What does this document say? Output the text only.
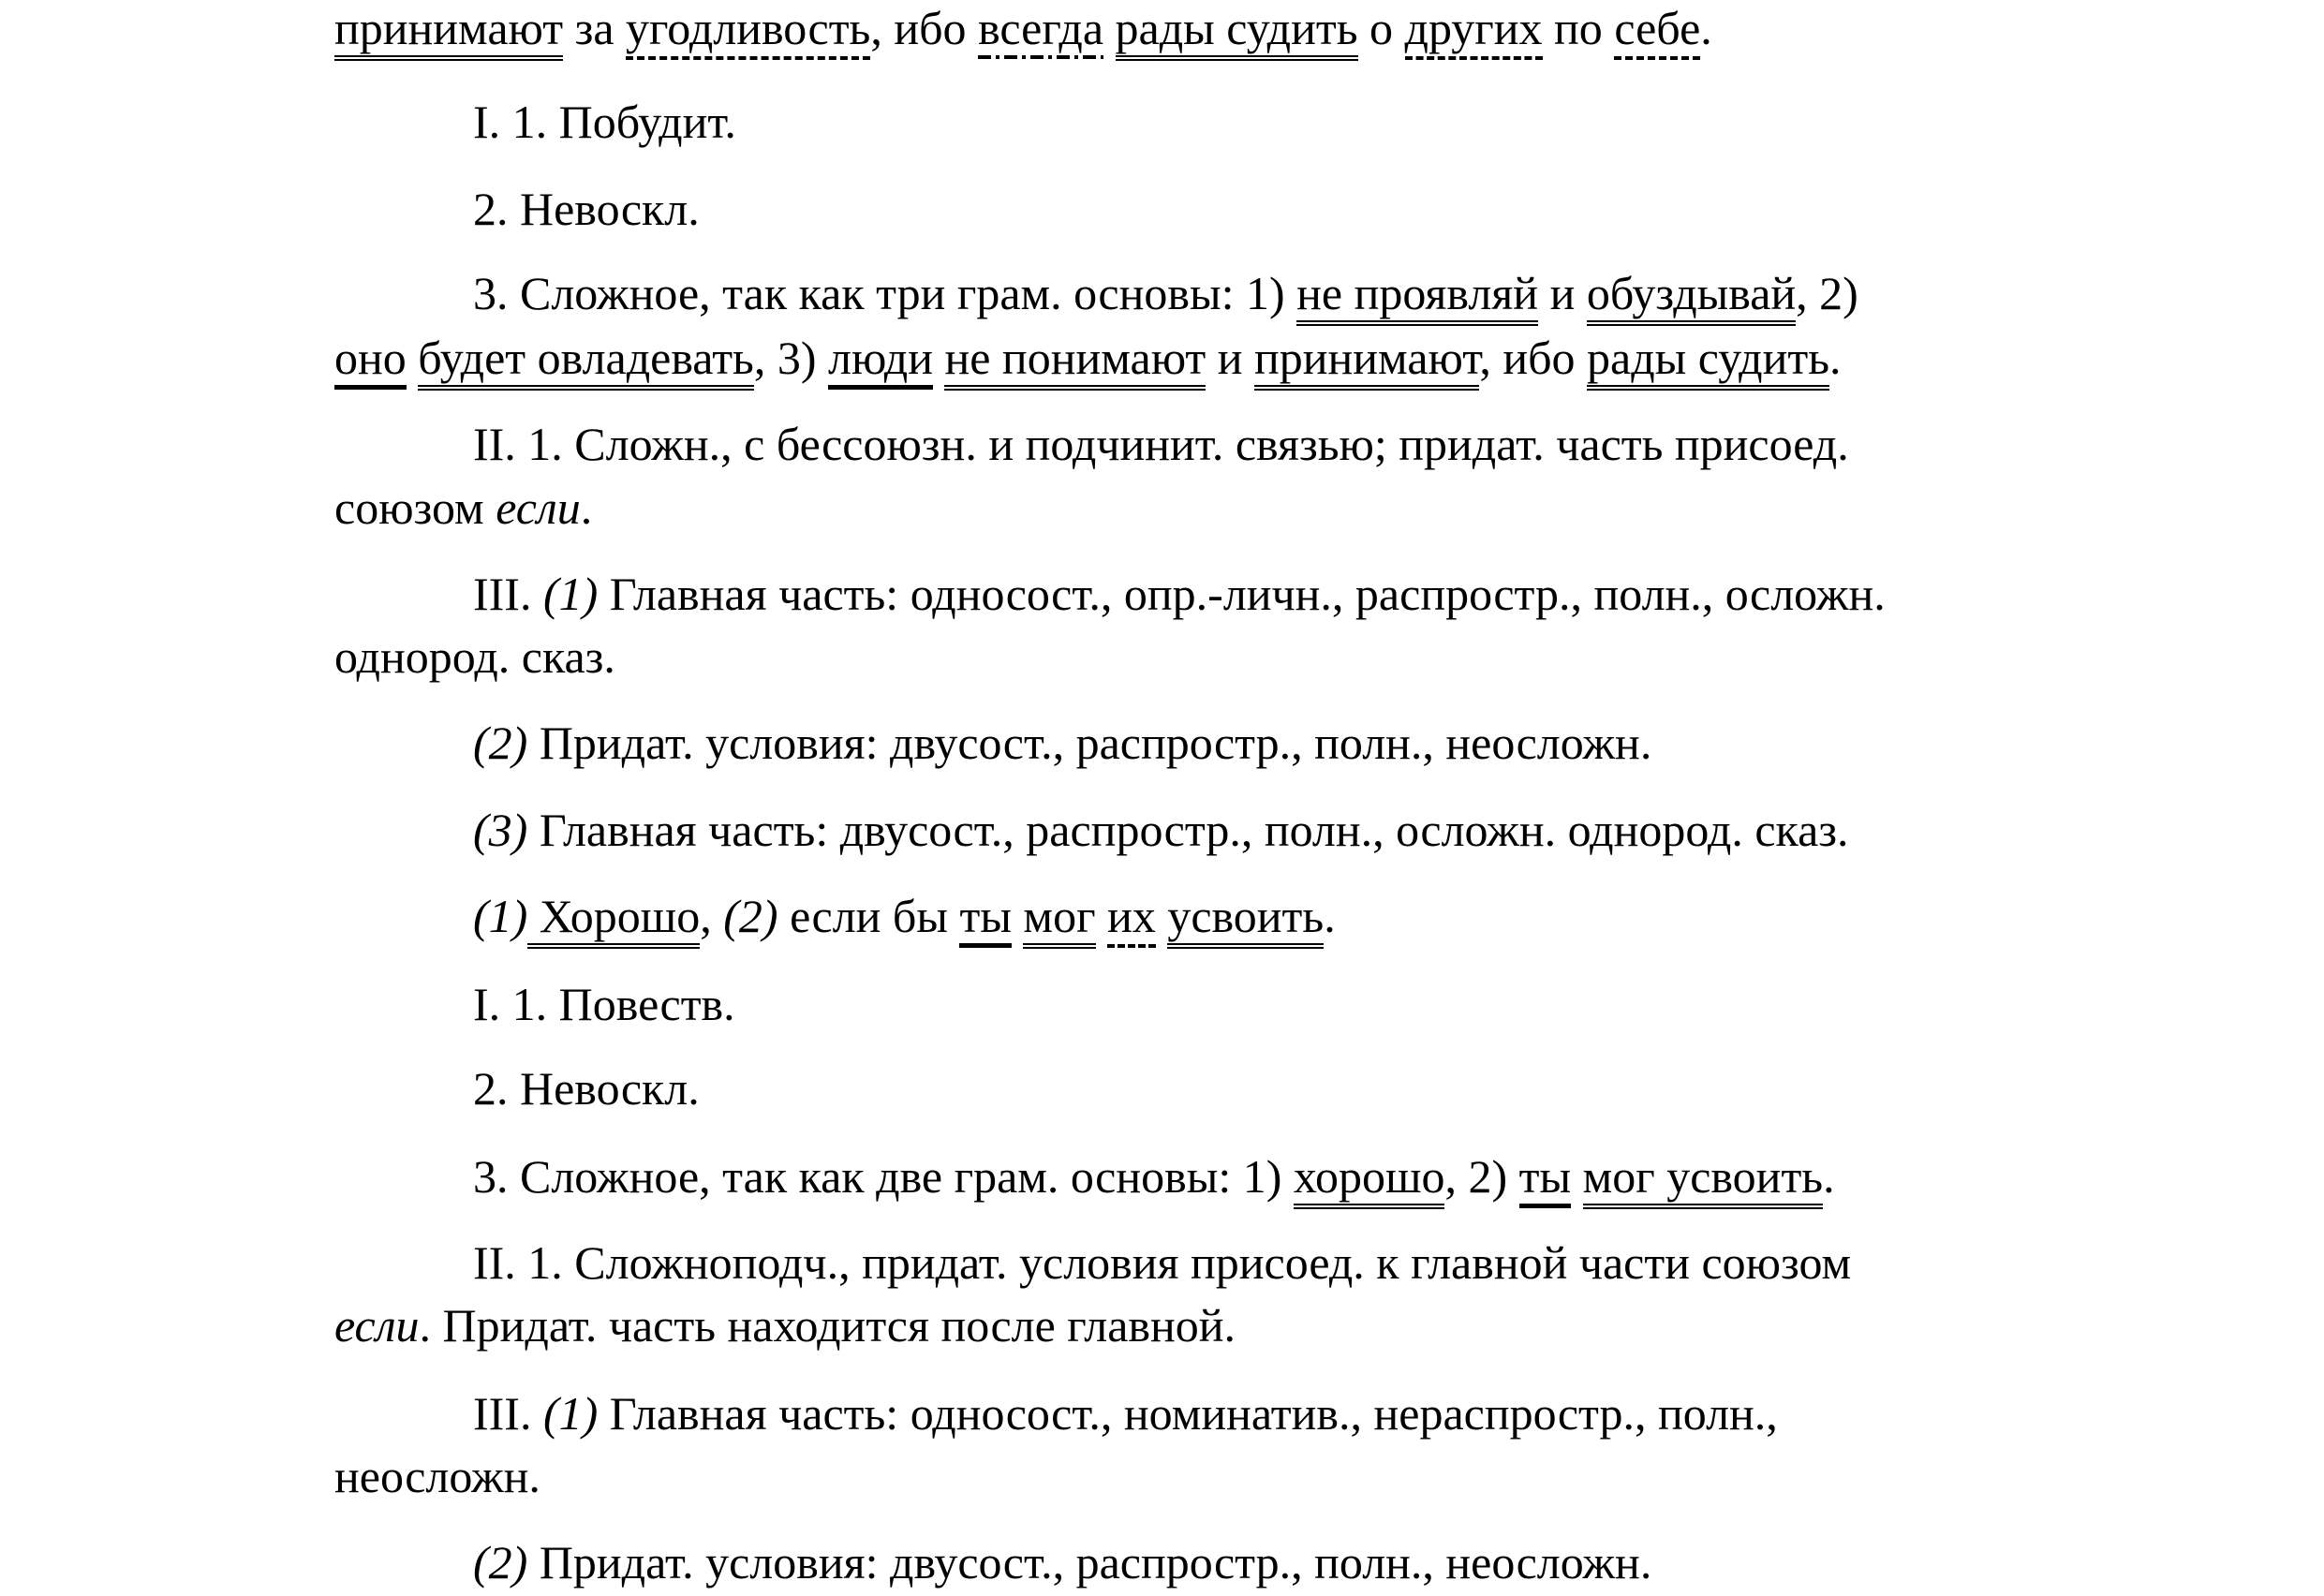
принимают за угодливость, ибо всегда рады судить о других по себе.
I. 1. Побудит.
2. Невоскл.
3. Сложное, так как три грам. основы: 1) не проявляй и обуздывай, 2)
оно будет овладевать, 3) люди не понимают и принимают, ибо рады судить.
II. 1. Сложн., с бессоюзн. и подчинит. связью; придат. часть присоед.
союзом если.
III. (1) Главная часть: односост., опр.-личн., распростр., полн., осложн.
однород. сказ.
(2) Придат. условия: двусост., распростр., полн., неосложн.
(3) Главная часть: двусост., распростр., полн., осложн. однород. сказ.
(1) Хорошо, (2) если бы ты мог их усвоить.
I. 1. Повеств.
2. Невоскл.
3. Сложное, так как две грам. основы: 1) хорошо, 2) ты мог усвоить.
II. 1. Сложноподч., придат. условия присоед. к главной части союзом
если. Придат. часть находится после главной.
III. (1) Главная часть: односост., номинатив., нераспростр., полн.,
неосложн.
(2) Придат. условия: двусост., распростр., полн., неосложн.
